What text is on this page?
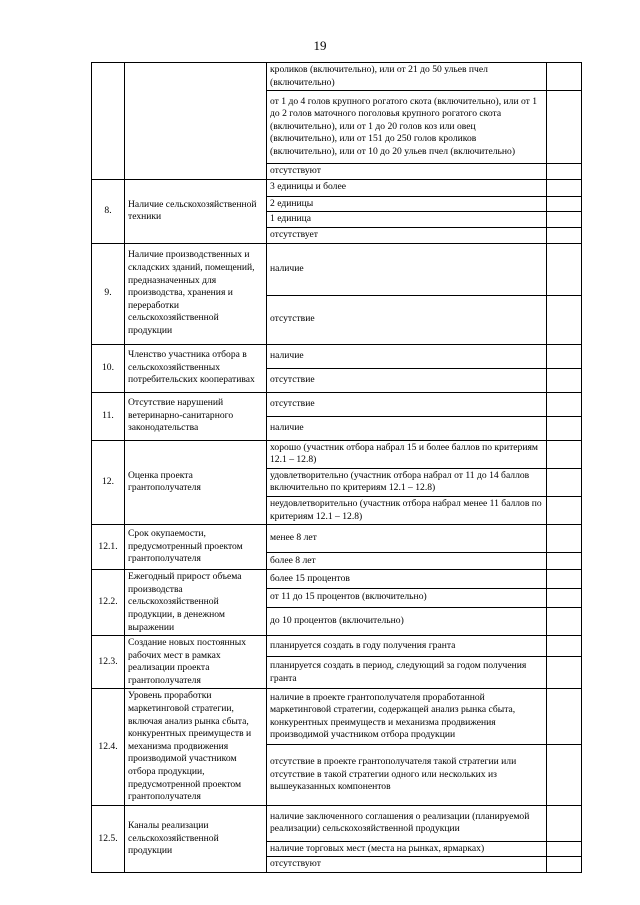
19
		кроликов (включительно), или от 21 до 50 ульев пчел (включительно)	
		от 1 до 4 голов крупного рогатого скота (включительно), или от 1 до 2 голов маточного поголовья крупного рогатого скота (включительно), или от 1 до 20 голов коз или овец (включительно), или от 151 до 250 голов кроликов (включительно), или от 10 до 20 ульев пчел (включительно)	
		отсутствуют	
8.	Наличие сельскохозяйственной техники	3 единицы и более	
		2 единицы	
		1 единица	
		отсутствует	
9.	Наличие производственных и складских зданий, помещений, предназначенных для производства, хранения и переработки сельскохозяйственной продукции	наличие	
		отсутствие	
10.	Членство участника отбора в сельскохозяйственных потребительских кооперативах	наличие	
		отсутствие	
11.	Отсутствие нарушений ветеринарно-санитарного законодательства	отсутствие	
		наличие	
12.	Оценка проекта грантополучателя	хорошо (участник отбора набрал 15 и более баллов по критериям 12.1 – 12.8)	
		удовлетворительно (участник отбора набрал от 11 до 14 баллов включительно по критериям 12.1 – 12.8)	
		неудовлетворительно (участник отбора набрал менее 11 баллов по критериям 12.1 – 12.8)	
12.1.	Срок окупаемости, предусмотренный проектом грантополучателя	менее 8 лет	
		более 8 лет	
12.2.	Ежегодный прирост объема производства сельскохозяйственной продукции, в денежном выражении	более 15 процентов	
		от 11 до 15 процентов (включительно)	
		до 10 процентов (включительно)	
12.3.	Создание новых постоянных рабочих мест в рамках реализации проекта грантополучателя	планируется создать в году получения гранта	
		планируется создать в период, следующий за годом получения гранта	
12.4.	Уровень проработки маркетинговой стратегии, включая анализ рынка сбыта, конкурентных преимуществ и механизма продвижения производимой участником отбора продукции, предусмотренной проектом грантополучателя	наличие в проекте грантополучателя проработанной маркетинговой стратегии, содержащей анализ рынка сбыта, конкурентных преимуществ и механизма продвижения производимой участником отбора продукции	
		отсутствие в проекте грантополучателя такой стратегии или отсутствие в такой стратегии одного или нескольких из вышеуказанных компонентов	
12.5.	Каналы реализации сельскохозяйственной продукции	наличие заключенного соглашения о реализации (планируемой реализации) сельскохозяйственной продукции	
		наличие торговых мест (места на рынках, ярмарках)	
		отсутствуют	
